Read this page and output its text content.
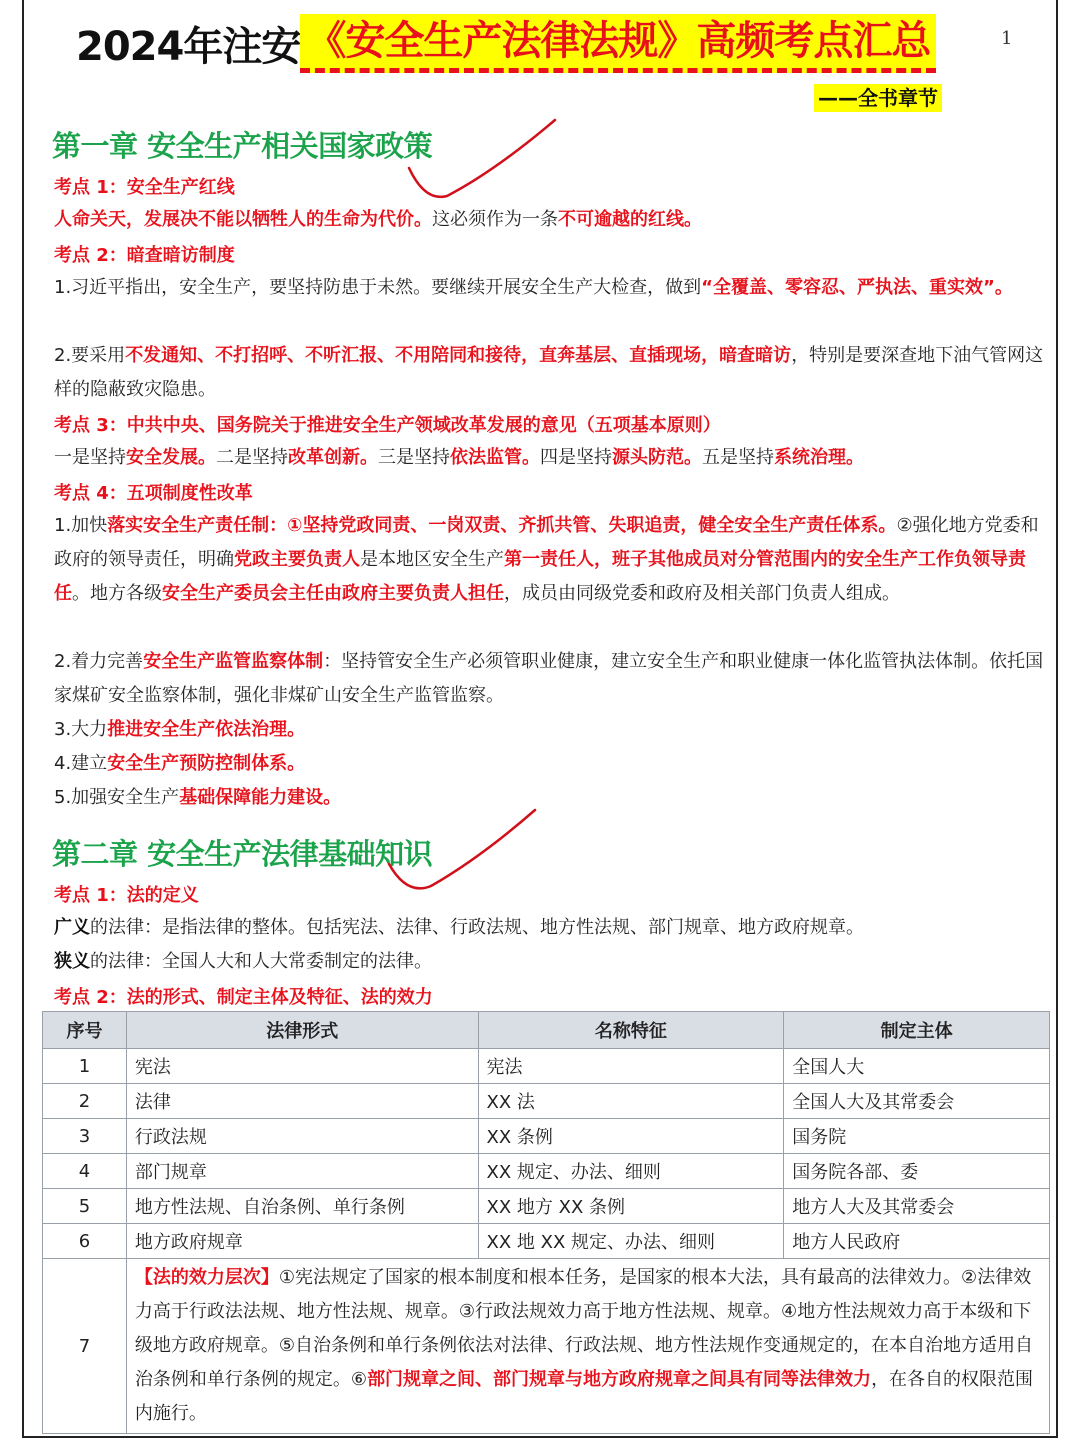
2024年注安 《安全生产法律法规》高频考点汇总	1
——全书章节
第一章 安全生产相关国家政策
考点 1：安全生产红线
人命关天，发展决不能以牺牲人的生命为代价。这必须作为一条不可逾越的红线。
考点 2：暗查暗访制度
1.习近平指出，安全生产，要坚持防患于未然。要继续开展安全生产大检查，做到“全覆盖、零容忍、严执法、重实效”。
2.要采用不发通知、不打招呼、不听汇报、不用陪同和接待，直奔基层、直插现场，暗查暗访，特别是要深查地下油气管网这样的隐蔽致灾隐患。
考点 3：中共中央、国务院关于推进安全生产领域改革发展的意见（五项基本原则）
一是坚持安全发展。二是坚持改革创新。三是坚持依法监管。四是坚持源头防范。五是坚持系统治理。
考点 4：五项制度性改革
1.加快落实安全生产责任制：①坚持党政同责、一岗双责、齐抓共管、失职追责，健全安全生产责任体系。②强化地方党委和政府的领导责任，明确党政主要负责人是本地区安全生产第一责任人，班子其他成员对分管范围内的安全生产工作负领导责任。地方各级安全生产委员会主任由政府主要负责人担任，成员由同级党委和政府及相关部门负责人组成。
2.着力完善安全生产监管监察体制：坚持管安全生产必须管职业健康，建立安全生产和职业健康一体化监管执法体制。依托国家煤矿安全监察体制，强化非煤矿山安全生产监管监察。
3.大力推进安全生产依法治理。
4.建立安全生产预防控制体系。
5.加强安全生产基础保障能力建设。
第二章 安全生产法律基础知识
考点 1：法的定义
广义的法律：是指法律的整体。包括宪法、法律、行政法规、地方性法规、部门规章、地方政府规章。
狭义的法律：全国人大和人大常委制定的法律。
考点 2：法的形式、制定主体及特征、法的效力
序号	法律形式	名称特征	制定主体
1	宪法	宪法	全国人大
2	法律	XX 法	全国人大及其常委会
3	行政法规	XX 条例	国务院
4	部门规章	XX 规定、办法、细则	国务院各部、委
5	地方性法规、自治条例、单行条例	XX 地方 XX 条例	地方人大及其常委会
6	地方政府规章	XX 地 XX 规定、办法、细则	地方人民政府
7	【法的效力层次】①宪法规定了国家的根本制度和根本任务，是国家的根本大法，具有最高的法律效力。②法律效力高于行政法法规、地方性法规、规章。③行政法规效力高于地方性法规、规章。④地方性法规效力高于本级和下级地方政府规章。⑤自治条例和单行条例依法对法律、行政法规、地方性法规作变通规定的，在本自治地方适用自治条例和单行条例的规定。⑥部门规章之间、部门规章与地方政府规章之间具有同等法律效力，在各自的权限范围内施行。		
